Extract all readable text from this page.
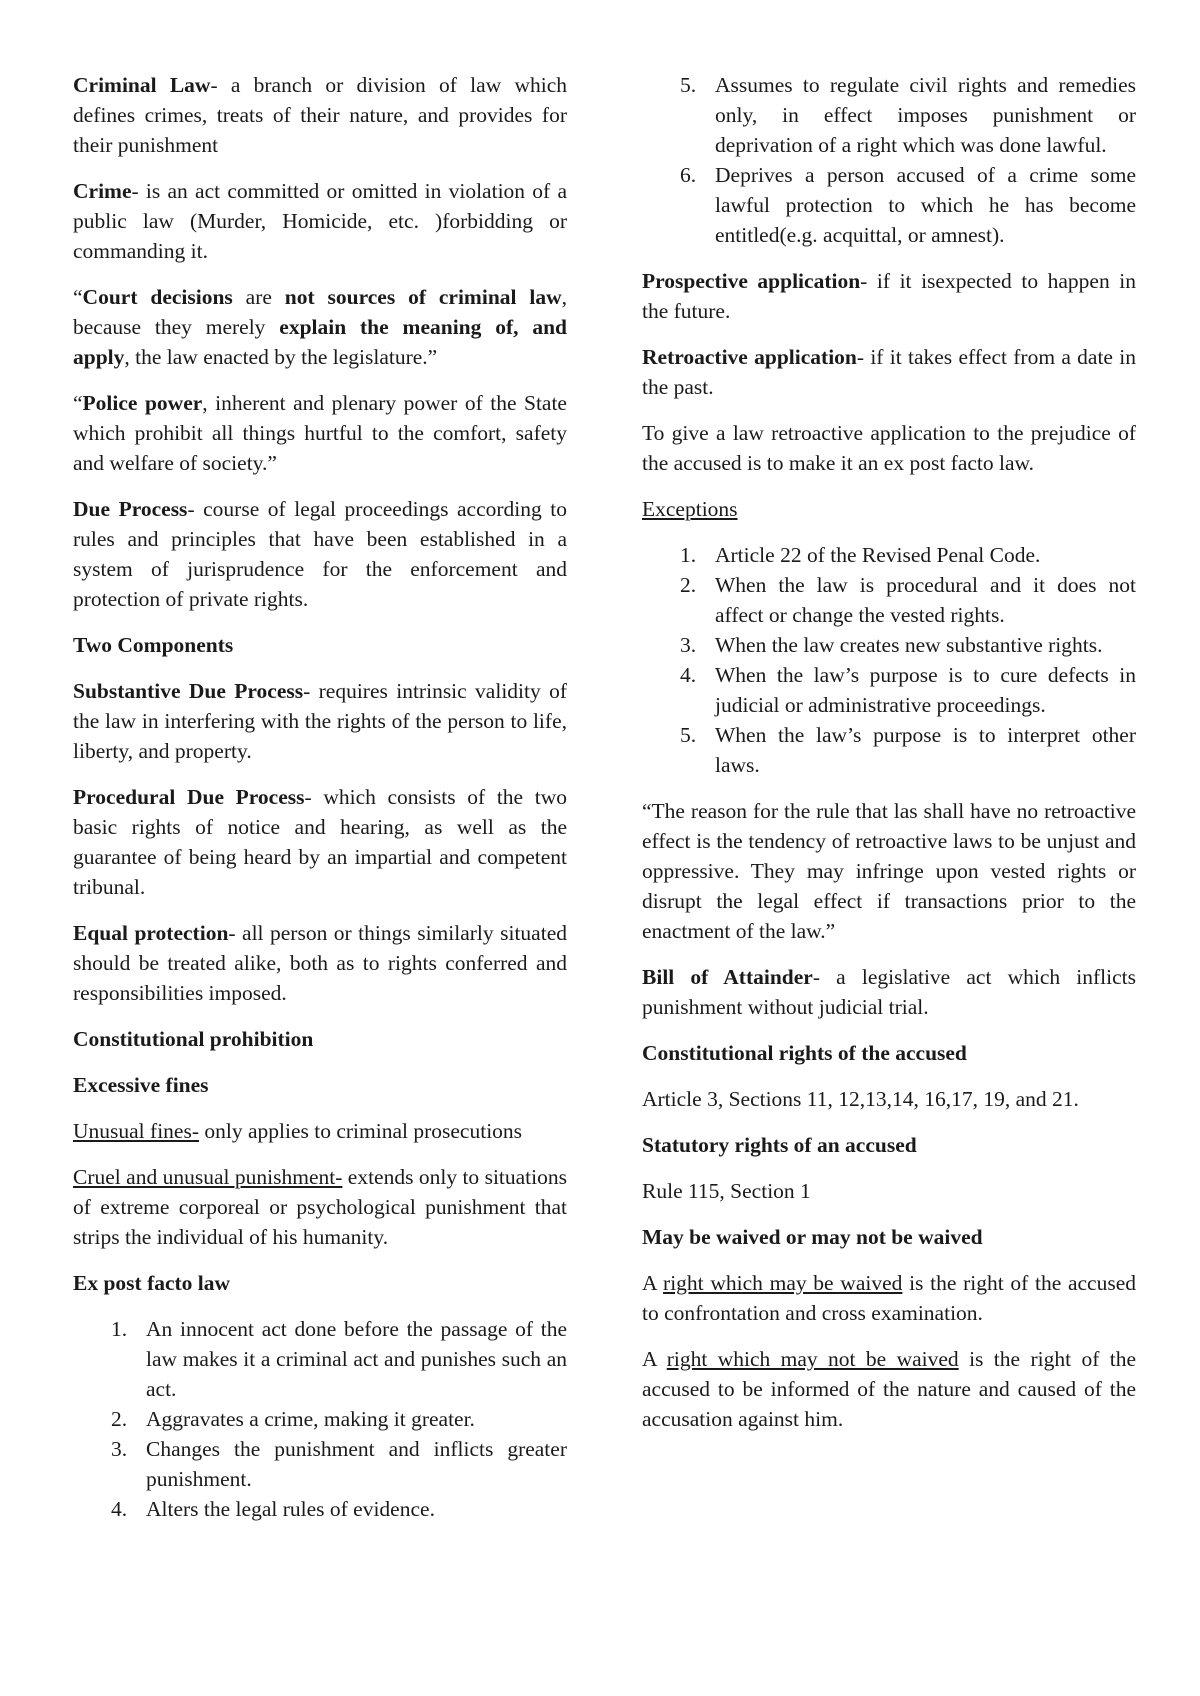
Criminal Law- a branch or division of law which defines crimes, treats of their nature, and provides for their punishment

Crime- is an act committed or omitted in violation of a public law (Murder, Homicide, etc. )forbidding or commanding it.

“Court decisions are not sources of criminal law, because they merely explain the meaning of, and apply, the law enacted by the legislature.”

“Police power, inherent and plenary power of the State which prohibit all things hurtful to the comfort, safety and welfare of society.”

Due Process- course of legal proceedings according to rules and principles that have been established in a system of jurisprudence for the enforcement and protection of private rights.

Two Components

Substantive Due Process- requires intrinsic validity of the law in interfering with the rights of the person to life, liberty, and property.

Procedural Due Process- which consists of the two basic rights of notice and hearing, as well as the guarantee of being heard by an impartial and competent tribunal.

Equal protection- all person or things similarly situated should be treated alike, both as to rights conferred and responsibilities imposed.

Constitutional prohibition

Excessive fines

Unusual fines- only applies to criminal prosecutions

Cruel and unusual punishment- extends only to situations of extreme corporeal or psychological punishment that strips the individual of his humanity.

Ex post facto law

1. An innocent act done before the passage of the law makes it a criminal act and punishes such an act.
2. Aggravates a crime, making it greater.
3. Changes the punishment and inflicts greater punishment.
4. Alters the legal rules of evidence.
5. Assumes to regulate civil rights and remedies only, in effect imposes punishment or deprivation of a right which was done lawful.
6. Deprives a person accused of a crime some lawful protection to which he has become entitled(e.g. acquittal, or amnest).

Prospective application- if it isexpected to happen in the future.

Retroactive application- if it takes effect from a date in the past.

To give a law retroactive application to the prejudice of the accused is to make it an ex post facto law.

Exceptions

1. Article 22 of the Revised Penal Code.
2. When the law is procedural and it does not affect or change the vested rights.
3. When the law creates new substantive rights.
4. When the law’s purpose is to cure defects in judicial or administrative proceedings.
5. When the law’s purpose is to interpret other laws.

“The reason for the rule that las shall have no retroactive effect is the tendency of retroactive laws to be unjust and oppressive. They may infringe upon vested rights or disrupt the legal effect if transactions prior to the enactment of the law.”

Bill of Attainder- a legislative act which inflicts punishment without judicial trial.

Constitutional rights of the accused

Article 3, Sections 11, 12,13,14, 16,17, 19, and 21.

Statutory rights of an accused

Rule 115, Section 1

May be waived or may not be waived

A right which may be waived is the right of the accused to confrontation and cross examination.

A right which may not be waived is the right of the accused to be informed of the nature and caused of the accusation against him.
